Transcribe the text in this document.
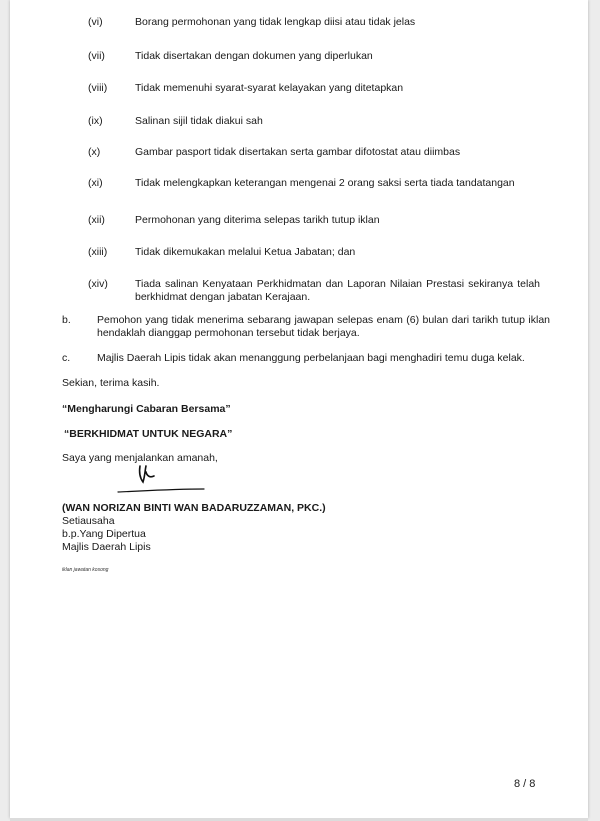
(vi)	Borang permohonan yang tidak lengkap diisi atau tidak jelas
(vii)	Tidak disertakan dengan dokumen yang diperlukan
(viii)	Tidak memenuhi syarat-syarat kelayakan yang ditetapkan
(ix)	Salinan sijil tidak diakui sah
(x)	Gambar pasport tidak disertakan serta gambar difotostat atau diimbas
(xi)	Tidak melengkapkan keterangan mengenai 2 orang saksi serta tiada tandatangan
(xii)	Permohonan yang diterima selepas tarikh tutup iklan
(xiii)	Tidak dikemukakan melalui Ketua Jabatan; dan
(xiv)	Tiada salinan Kenyataan Perkhidmatan dan Laporan Nilaian Prestasi sekiranya telah berkhidmat dengan jabatan Kerajaan.
b. Pemohon yang tidak menerima sebarang jawapan selepas enam (6) bulan dari tarikh tutup iklan hendaklah dianggap permohonan tersebut tidak berjaya.
c.	Majlis Daerah Lipis tidak akan menanggung perbelanjaan bagi menghadiri temu duga kelak.
Sekian, terima kasih.
“Mengharungi Cabaran Bersama”
“BERKHIDMAT UNTUK NEGARA”
Saya yang menjalankan amanah,
(WAN NORIZAN BINTI WAN BADARUZZAMAN, PKC.)
Setiausaha
b.p.Yang Dipertua
Majlis Daerah Lipis
iklan jawatan kosong
8 / 8
